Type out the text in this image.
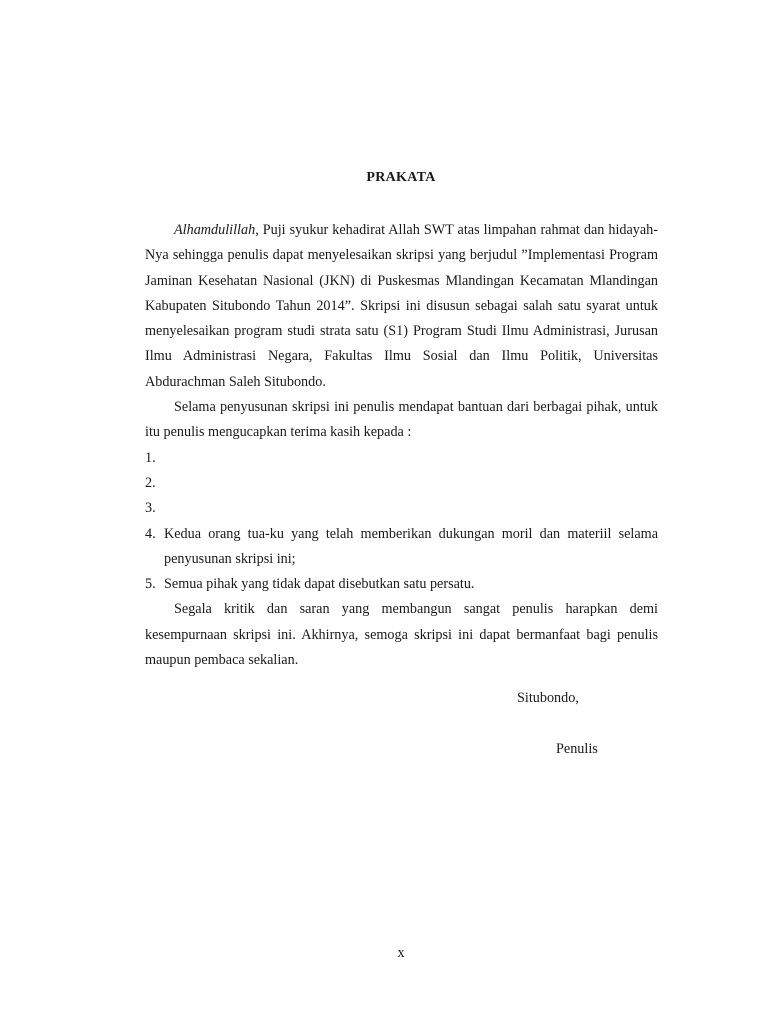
PRAKATA

Alhamdulillah, Puji syukur kehadirat Allah SWT atas limpahan rahmat dan hidayah-Nya sehingga penulis dapat menyelesaikan skripsi yang berjudul ”Implementasi Program Jaminan Kesehatan Nasional (JKN) di Puskesmas Mlandingan Kecamatan Mlandingan Kabupaten Situbondo Tahun 2014”. Skripsi ini disusun sebagai salah satu syarat untuk menyelesaikan program studi strata satu (S1) Program Studi Ilmu Administrasi, Jurusan Ilmu Administrasi Negara, Fakultas Ilmu Sosial dan Ilmu Politik, Universitas Abdurachman Saleh Situbondo.

Selama penyusunan skripsi ini penulis mendapat bantuan dari berbagai pihak, untuk itu penulis mengucapkan terima kasih kepada :

1.

2.

3.

4. Kedua orang tua-ku yang telah memberikan dukungan moril dan materiil selama penyusunan skripsi ini;
5. Semua pihak yang tidak dapat disebutkan satu persatu.

Segala kritik dan saran yang membangun sangat penulis harapkan demi kesempurnaan skripsi ini. Akhirnya, semoga skripsi ini dapat bermanfaat bagi penulis maupun pembaca sekalian.

Situbondo,
Penulis
x
